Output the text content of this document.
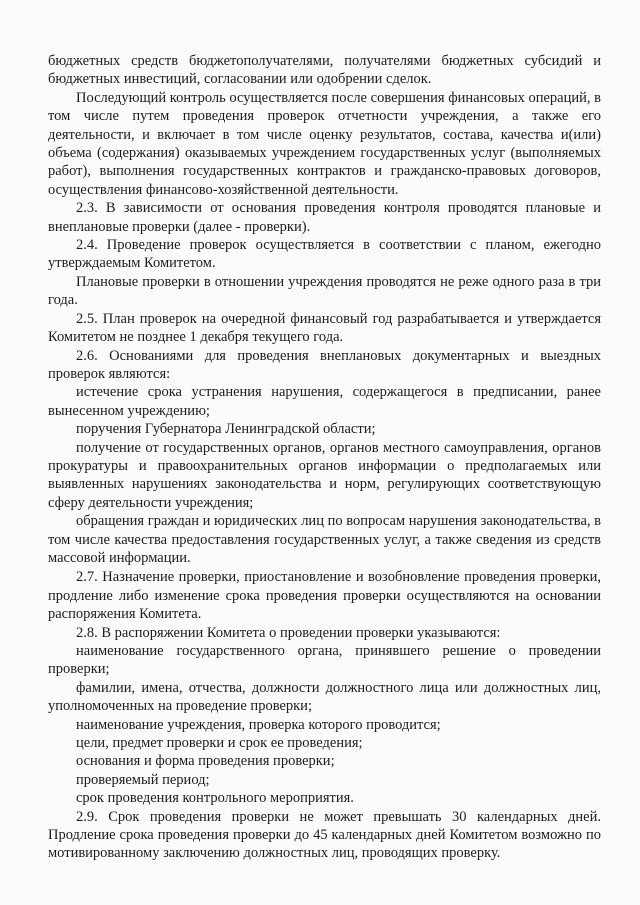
бюджетных средств бюджетополучателями, получателями бюджетных субсидий и бюджетных инвестиций, согласовании или одобрении сделок.

Последующий контроль осуществляется после совершения финансовых операций, в том числе путем проведения проверок отчетности учреждения, а также его деятельности, и включает в том числе оценку результатов, состава, качества и(или) объема (содержания) оказываемых учреждением государственных услуг (выполняемых работ), выполнения государственных контрактов и гражданско-правовых договоров, осуществления финансово-хозяйственной деятельности.

2.3. В зависимости от основания проведения контроля проводятся плановые и внеплановые проверки (далее - проверки).

2.4. Проведение проверок осуществляется в соответствии с планом, ежегодно утверждаемым Комитетом.

Плановые проверки в отношении учреждения проводятся не реже одного раза в три года.

2.5. План проверок на очередной финансовый год разрабатывается и утверждается Комитетом не позднее 1 декабря текущего года.

2.6. Основаниями для проведения внеплановых документарных и выездных проверок являются:

истечение срока устранения нарушения, содержащегося в предписании, ранее вынесенном учреждению;

поручения Губернатора Ленинградской области;

получение от государственных органов, органов местного самоуправления, органов прокуратуры и правоохранительных органов информации о предполагаемых или выявленных нарушениях законодательства и норм, регулирующих соответствующую сферу деятельности учреждения;

обращения граждан и юридических лиц по вопросам нарушения законодательства, в том числе качества предоставления государственных услуг, а также сведения из средств массовой информации.

2.7. Назначение проверки, приостановление и возобновление проведения проверки, продление либо изменение срока проведения проверки осуществляются на основании распоряжения Комитета.

2.8. В распоряжении Комитета о проведении проверки указываются:

наименование государственного органа, принявшего решение о проведении проверки;

фамилии, имена, отчества, должности должностного лица или должностных лиц, уполномоченных на проведение проверки;

наименование учреждения, проверка которого проводится;

цели, предмет проверки и срок ее проведения;

основания и форма проведения проверки;

проверяемый период;

срок проведения контрольного мероприятия.

2.9. Срок проведения проверки не может превышать 30 календарных дней. Продление срока проведения проверки до 45 календарных дней Комитетом возможно по мотивированному заключению должностных лиц, проводящих проверку.
